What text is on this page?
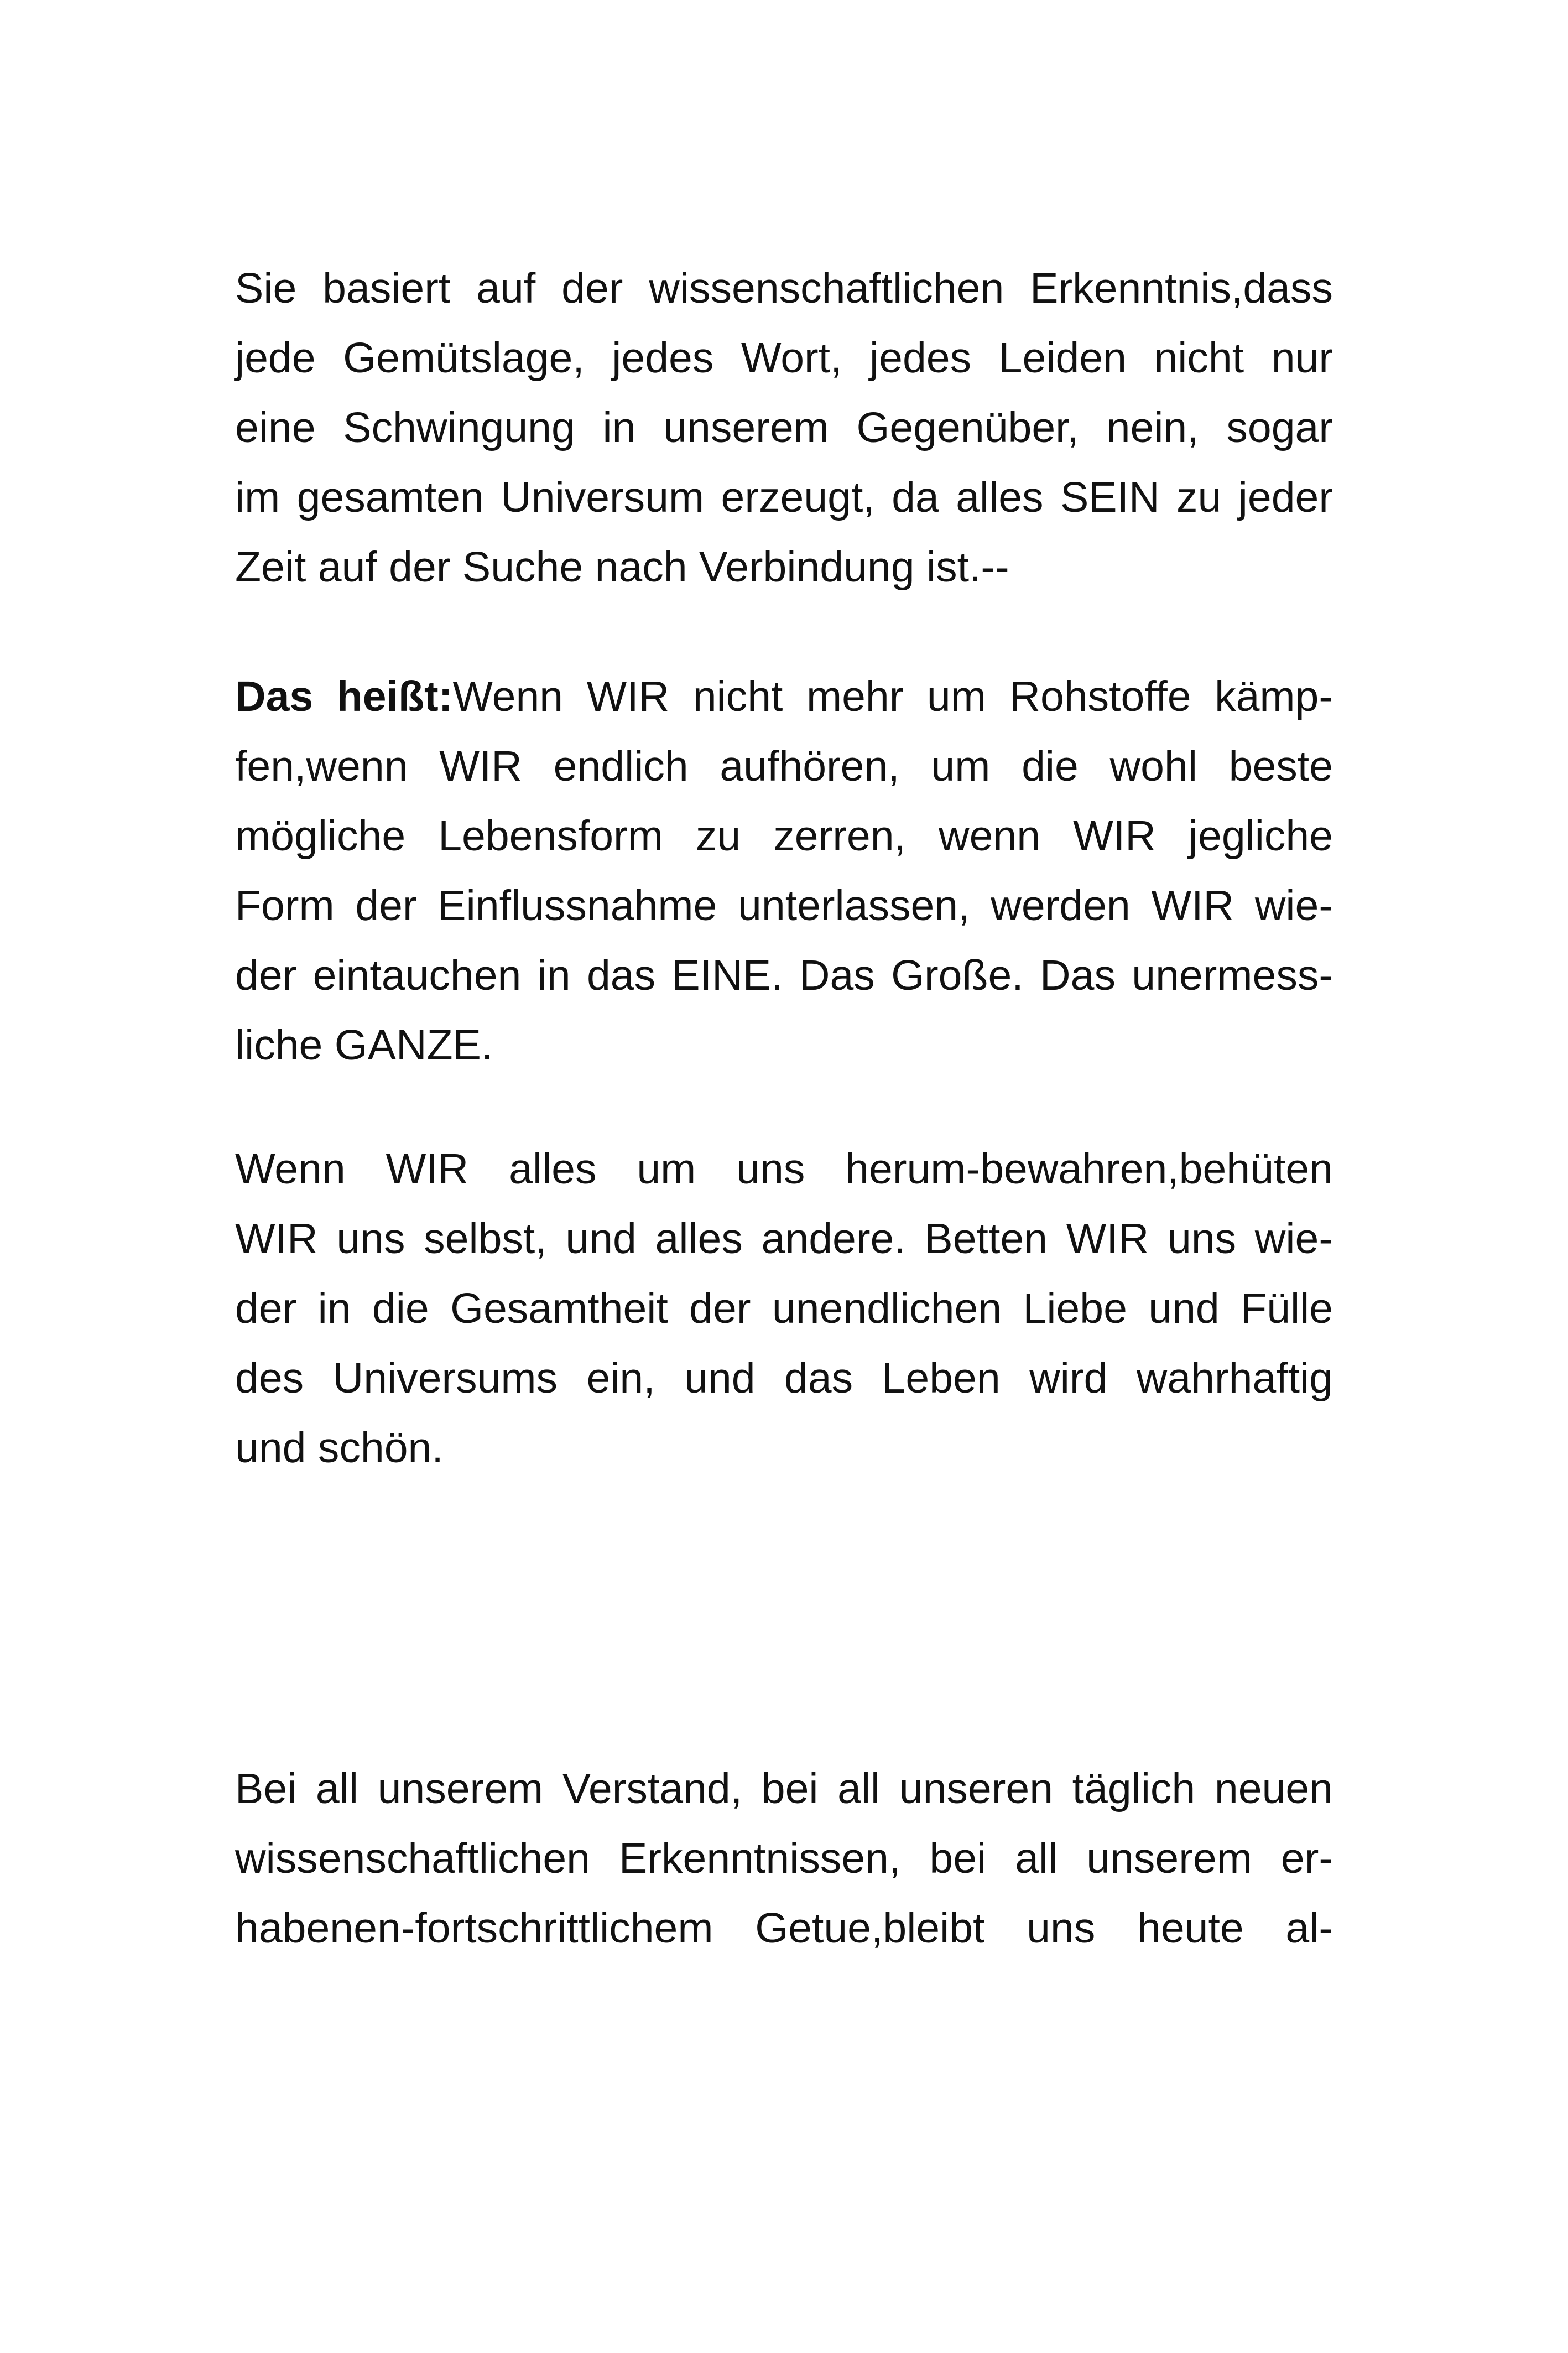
Sie basiert auf der wissenschaftlichen Erkenntnis,dass
jede Gemütslage, jedes Wort, jedes Leiden nicht nur
eine Schwingung in unserem Gegenüber, nein, sogar
im gesamten Universum erzeugt, da alles SEIN zu jeder
Zeit auf der Suche nach Verbindung ist.--
Das heißt:Wenn WIR nicht mehr um Rohstoffe kämp-
fen,wenn WIR endlich aufhören, um die wohl beste
mögliche Lebensform zu zerren, wenn WIR jegliche
Form der Einflussnahme unterlassen, werden WIR wie-
der eintauchen in das EINE. Das Große. Das unermess-
liche GANZE.
Wenn WIR alles um uns herum-bewahren,behüten
WIR uns selbst, und alles andere. Betten WIR uns wie-
der in die Gesamtheit der unendlichen Liebe und Fülle
des Universums ein, und das Leben wird wahrhaftig
und schön.
Bei all unserem Verstand, bei all unseren täglich neuen
wissenschaftlichen Erkenntnissen, bei all unserem er-
habenen-fortschrittlichem Getue,bleibt uns heute al-
